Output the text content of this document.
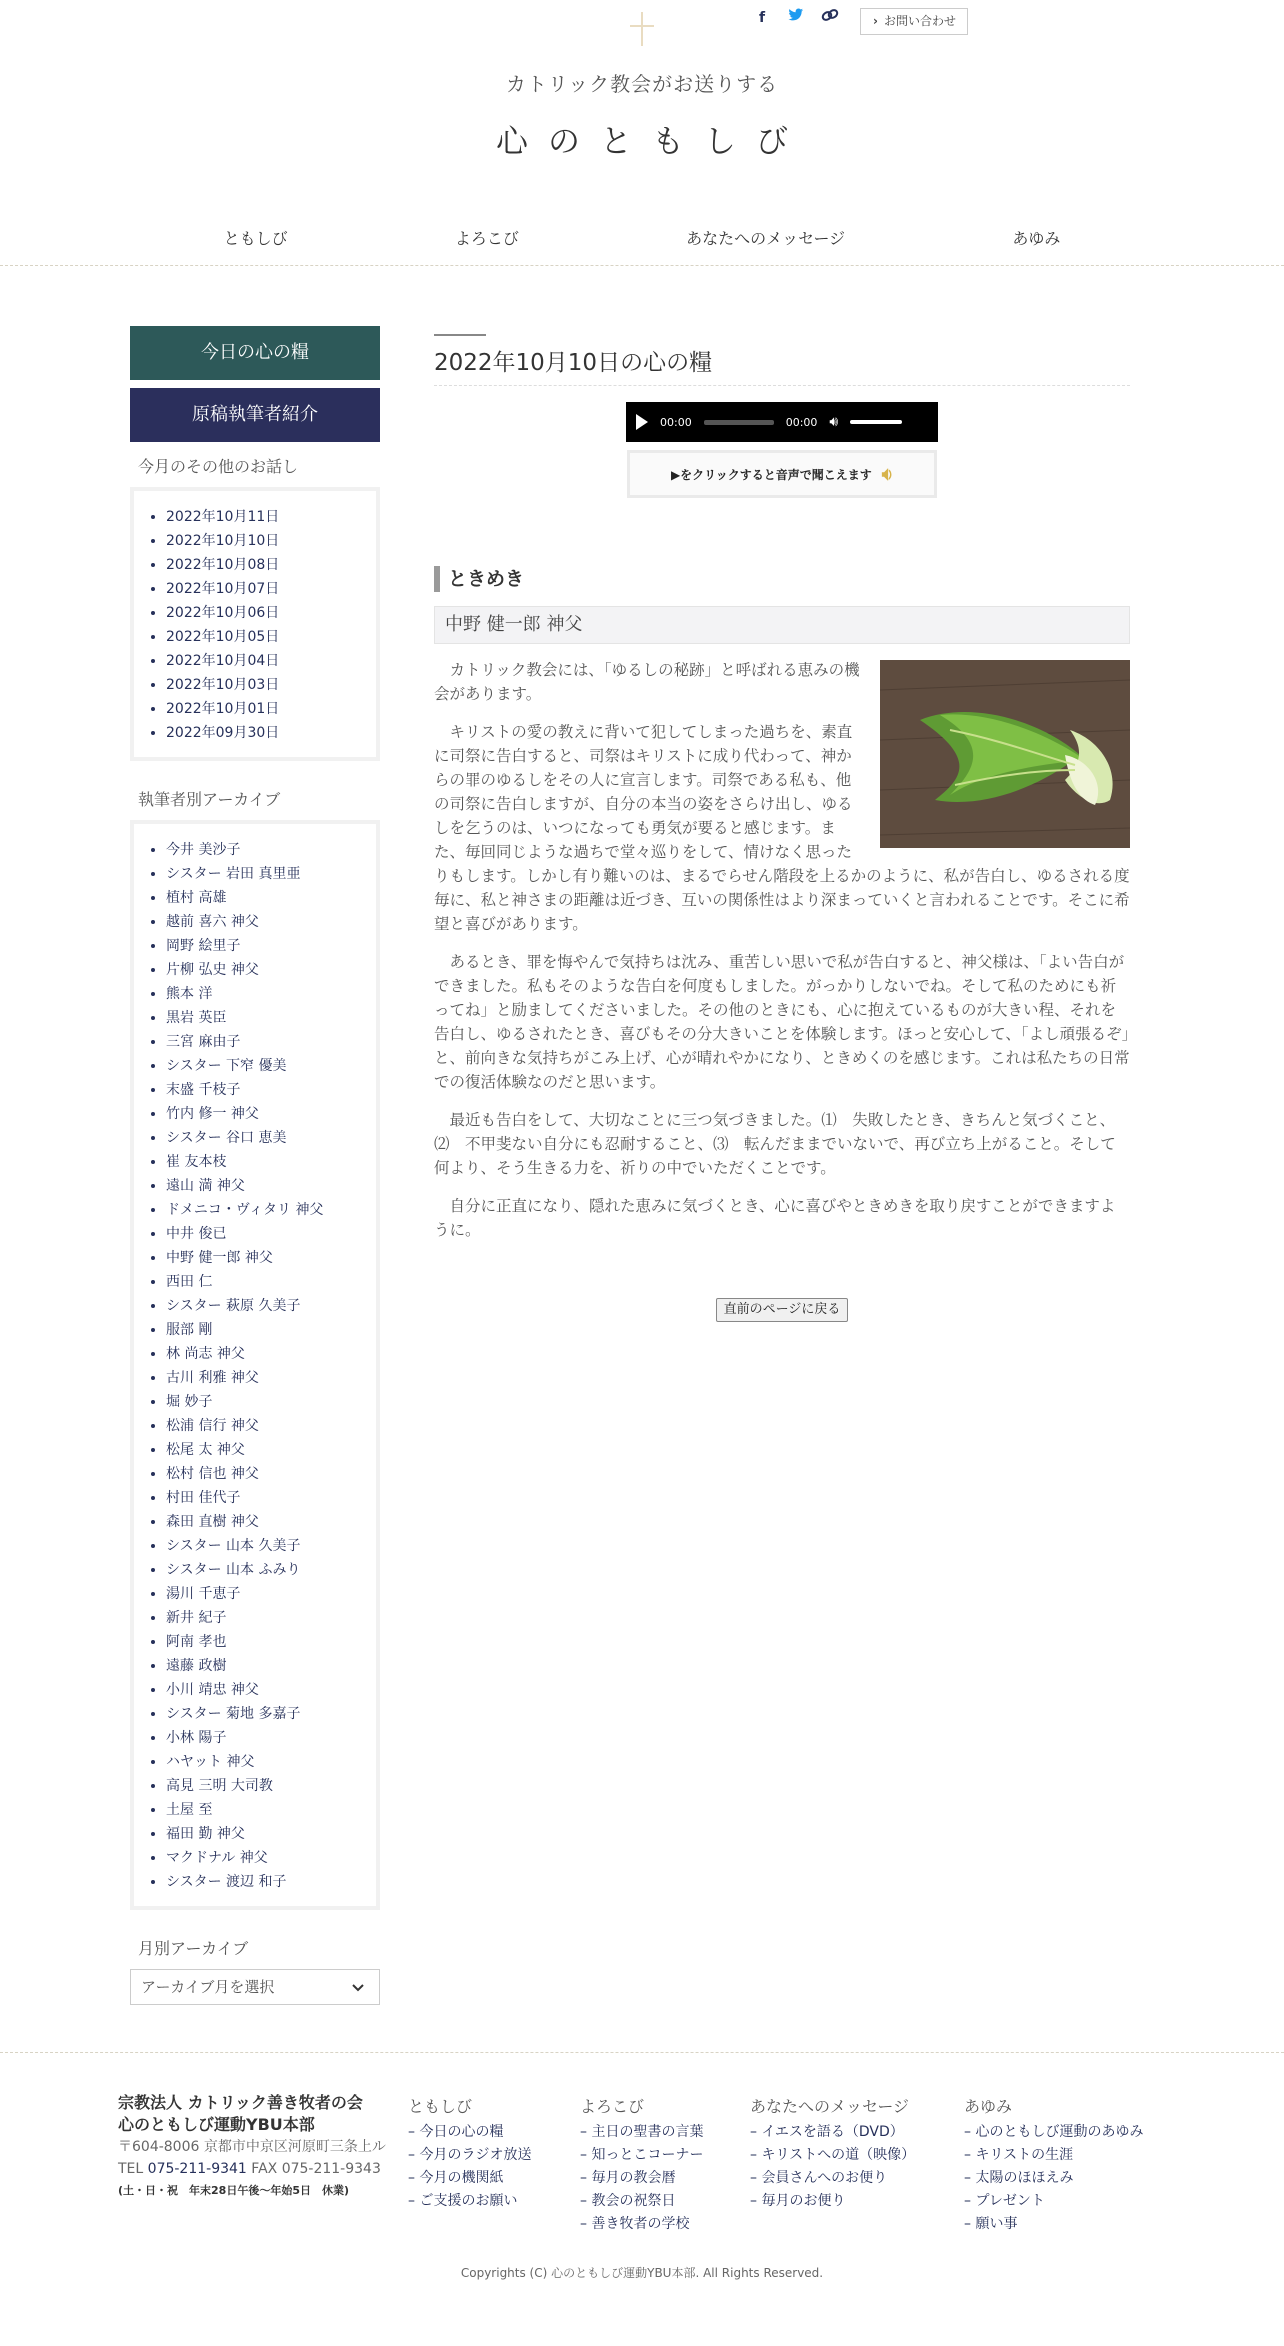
f	› お問い合わせ
カトリック教会がお送りする
心のともしび
ともしび	よろこび	あなたへのメッセージ	あゆみ
今日の心の糧
原稿執筆者紹介
今月のその他のお話し
• 2022年10月11日
• 2022年10月10日
• 2022年10月08日
• 2022年10月07日
• 2022年10月06日
• 2022年10月05日
• 2022年10月04日
• 2022年10月03日
• 2022年10月01日
• 2022年09月30日
執筆者別アーカイブ
• 今井 美沙子
• シスター 岩田 真里亜
• 植村 高雄
• 越前 喜六 神父
• 岡野 絵里子
• 片柳 弘史 神父
• 熊本 洋
• 黒岩 英臣
• 三宮 麻由子
• シスター 下窄 優美
• 末盛 千枝子
• 竹内 修一 神父
• シスター 谷口 恵美
• 崔 友本枝
• 遠山 満 神父
• ドメニコ・ヴィタリ 神父
• 中井 俊已
• 中野 健一郎 神父
• 西田 仁
• シスター 萩原 久美子
• 服部 剛
• 林 尚志 神父
• 古川 利雅 神父
• 堀 妙子
• 松浦 信行 神父
• 松尾 太 神父
• 松村 信也 神父
• 村田 佳代子
• 森田 直樹 神父
• シスター 山本 久美子
• シスター 山本 ふみり
• 湯川 千恵子
• 新井 紀子
• 阿南 孝也
• 遠藤 政樹
• 小川 靖忠 神父
• シスター 菊地 多嘉子
• 小林 陽子
• ハヤット 神父
• 高見 三明 大司教
• 土屋 至
• 福田 勤 神父
• マクドナル 神父
• シスター 渡辺 和子
月別アーカイブ
アーカイブ月を選択
2022年10月10日の心の糧
00:00	00:00 🔊︎
▶をクリックすると音声で聞こえます 🔉︎
ときめき
中野 健一郎 神父

カトリック教会には、「ゆるしの秘跡」と呼ばれる恵みの機会があります。

キリストの愛の教えに背いて犯してしまった過ちを、素直に司祭に告白すると、司祭はキリストに成り代わって、神からの罪のゆるしをその人に宣言します。司祭である私も、他の司祭に告白しますが、自分の本当の姿をさらけ出し、ゆるしを乞うのは、いつになっても勇気が要ると感じます。また、毎回同じような過ちで堂々巡りをして、情けなく思ったりもします。しかし有り難いのは、まるでらせん階段を上るかのように、私が告白し、ゆるされる度毎に、私と神さまの距離は近づき、互いの関係性はより深まっていくと言われることです。そこに希望と喜びがあります。

あるとき、罪を悔やんで気持ちは沈み、重苦しい思いで私が告白すると、神父様は、「よい告白ができました。私もそのような告白を何度もしました。がっかりしないでね。そして私のためにも祈ってね」と励ましてくださいました。その他のときにも、心に抱えているものが大きい程、それを告白し、ゆるされたとき、喜びもその分大きいことを体験します。ほっと安心して、「よし頑張るぞ」と、前向きな気持ちがこみ上げ、心が晴れやかになり、ときめくのを感じます。これは私たちの日常での復活体験なのだと思います。

最近も告白をして、大切なことに三つ気づきました。⑴　失敗したとき、きちんと気づくこと、⑵　不甲斐ない自分にも忍耐すること、⑶　転んだままでいないで、再び立ち上がること。そして何より、そう生きる力を、祈りの中でいただくことです。

自分に正直になり、隠れた恵みに気づくとき、心に喜びやときめきを取り戻すことができますように。

直前のページに戻る
宗教法人 カトリック善き牧者の会
心のともしび運動YBU本部
〒604-8006 京都市中京区河原町三条上ル
TEL 075-211-9341 FAX 075-211-9343
(土・日・祝　年末28日午後〜年始5日　休業)
ともしび
– 今日の心の糧
– 今月のラジオ放送
– 今月の機関紙
– ご支援のお願い
よろこび
– 主日の聖書の言葉
– 知っとこコーナー
– 毎月の教会暦
– 教会の祝祭日
– 善き牧者の学校
あなたへのメッセージ
– イエスを語る（DVD）
– キリストへの道（映像）
– 会員さんへのお便り
– 毎月のお便り
あゆみ
– 心のともしび運動のあゆみ
– キリストの生涯
– 太陽のほほえみ
– プレゼント
– 願い事
Copyrights (C) 心のともしび運動YBU本部. All Rights Reserved.
